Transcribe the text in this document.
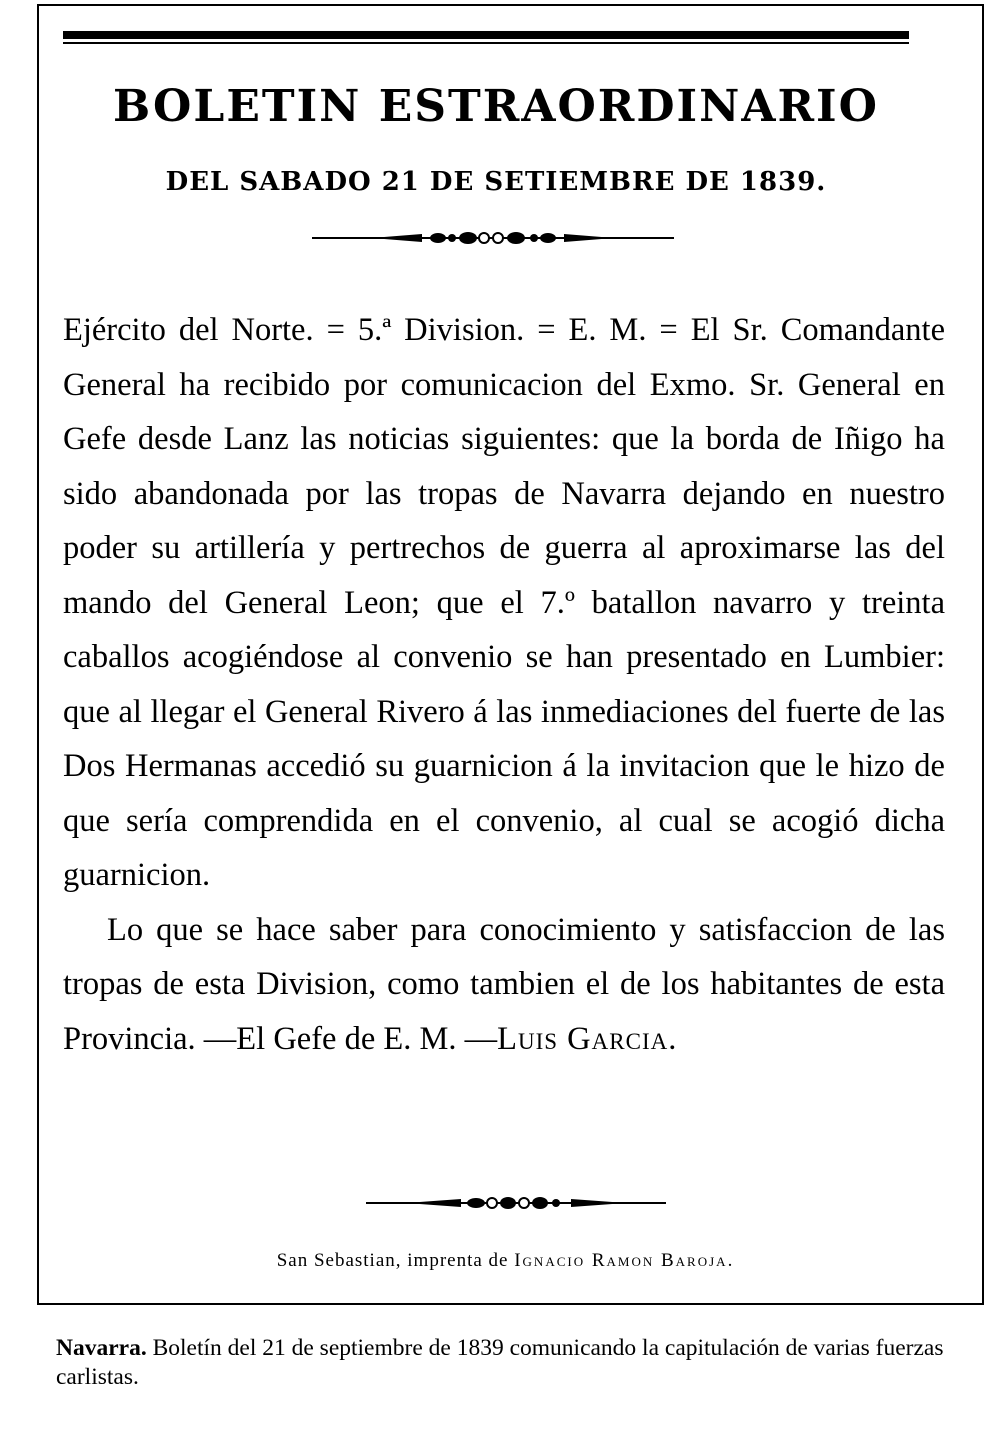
BOLETIN ESTRAORDINARIO
DEL SABADO 21 DE SETIEMBRE DE 1839.

Ejército del Norte. = 5.ª Division. = E. M. = El Sr. Comandante General ha recibido por comunicacion del Exmo. Sr. General en Gefe desde Lanz las noticias siguientes: que la borda de Iñigo ha sido abandonada por las tropas de Navarra dejando en nuestro poder su artillería y pertrechos de guerra al aproximarse las del mando del General Leon; que el 7.º batallon navarro y treinta caballos acogiéndose al convenio se han presentado en Lumbier: que al llegar el General Rivero á las inmediaciones del fuerte de las Dos Hermanas accedió su guarnicion á la invitacion que le hizo de que sería comprendida en el convenio, al cual se acogió dicha guarnicion.

Lo que se hace saber para conocimiento y satisfaccion de las tropas de esta Division, como tambien el de los habitantes de esta Provincia. —El Gefe de E. M. —Luis Garcia.

San Sebastian, imprenta de Ignacio Ramon Baroja.

Navarra. Boletín del 21 de septiembre de 1839 comunicando la capitulación de varias fuerzas carlistas.
